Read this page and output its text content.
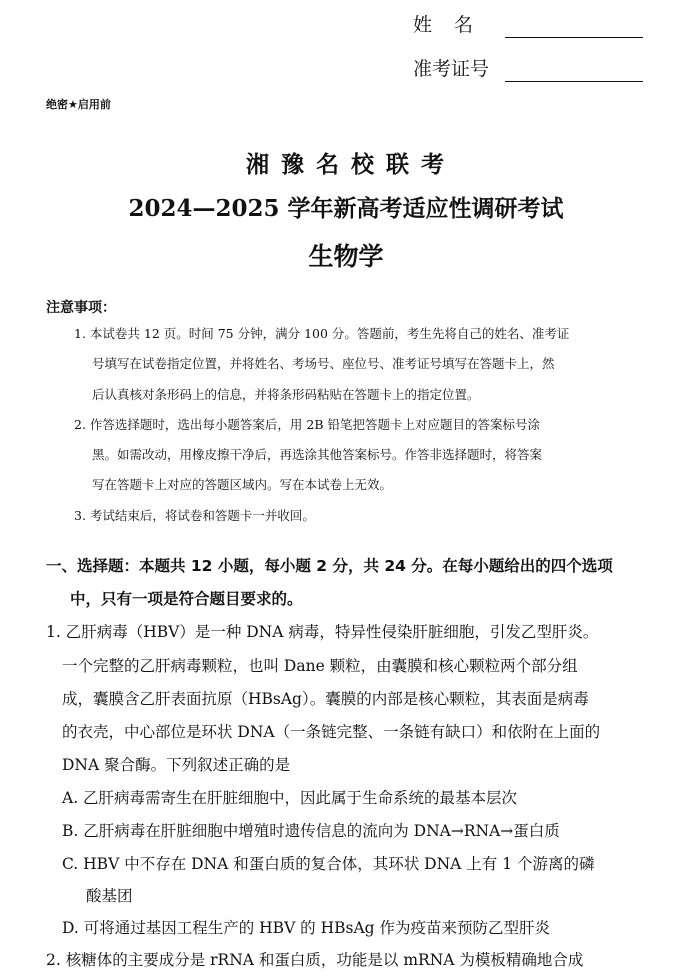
姓 名
准考证号
绝密★启用前
湘 豫 名 校 联 考
2024—2025 学年新高考适应性调研考试
生物学
注意事项：
1. 本试卷共 12 页。时间 75 分钟，满分 100 分。答题前，考生先将自己的姓名、准考证
号填写在试卷指定位置，并将姓名、考场号、座位号、准考证号填写在答题卡上，然
后认真核对条形码上的信息，并将条形码粘贴在答题卡上的指定位置。
2. 作答选择题时，选出每小题答案后，用 2B 铅笔把答题卡上对应题目的答案标号涂
黑。如需改动，用橡皮擦干净后，再选涂其他答案标号。作答非选择题时，将答案
写在答题卡上对应的答题区域内。写在本试卷上无效。
3. 考试结束后，将试卷和答题卡一并收回。
一、选择题：本题共 12 小题，每小题 2 分，共 24 分。在每小题给出的四个选项
中，只有一项是符合题目要求的。
1. 乙肝病毒（HBV）是一种 DNA 病毒，特异性侵染肝脏细胞，引发乙型肝炎。
一个完整的乙肝病毒颗粒，也叫 Dane 颗粒，由囊膜和核心颗粒两个部分组
成，囊膜含乙肝表面抗原（HBsAg）。囊膜的内部是核心颗粒，其表面是病毒
的衣壳，中心部位是环状 DNA（一条链完整、一条链有缺口）和依附在上面的
DNA 聚合酶。下列叙述正确的是
A. 乙肝病毒需寄生在肝脏细胞中，因此属于生命系统的最基本层次
B. 乙肝病毒在肝脏细胞中增殖时遗传信息的流向为 DNA→RNA→蛋白质
C. HBV 中不存在 DNA 和蛋白质的复合体，其环状 DNA 上有 1 个游离的磷
酸基团
D. 可将通过基因工程生产的 HBV 的 HBsAg 作为疫苗来预防乙型肝炎
2. 核糖体的主要成分是 rRNA 和蛋白质，功能是以 mRNA 为模板精确地合成
